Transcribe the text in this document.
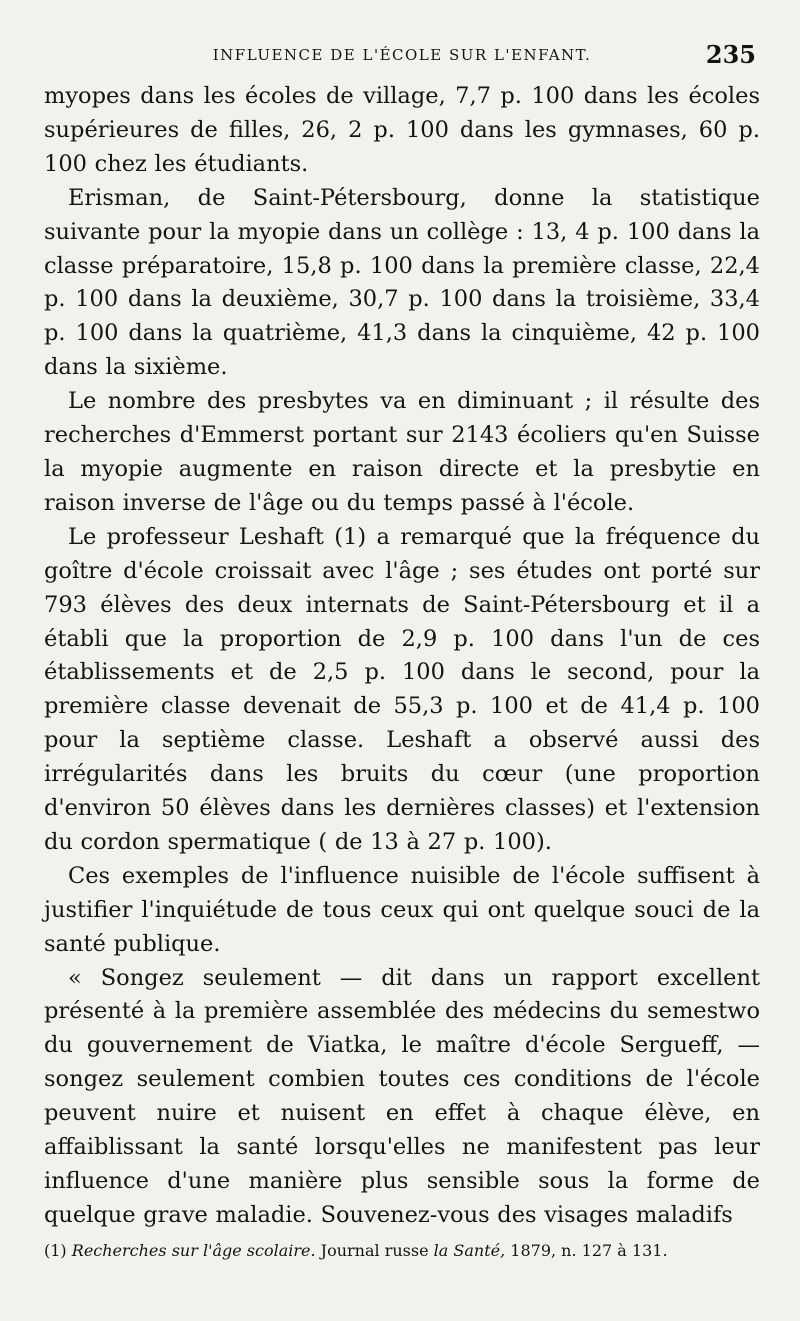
INFLUENCE DE L'ÉCOLE SUR L'ENFANT.	235

myopes dans les écoles de village, 7,7 p. 100 dans les écoles supérieures de filles, 26, 2 p. 100 dans les gymnases, 60 p. 100 chez les étudiants.

Erisman, de Saint-Pétersbourg, donne la statistique suivante pour la myopie dans un collège : 13, 4 p. 100 dans la classe préparatoire, 15,8 p. 100 dans la première classe, 22,4 p. 100 dans la deuxième, 30,7 p. 100 dans la troisième, 33,4 p. 100 dans la quatrième, 41,3 dans la cinquième, 42 p. 100 dans la sixième.

Le nombre des presbytes va en diminuant ; il résulte des recherches d'Emmerst portant sur 2143 écoliers qu'en Suisse la myopie augmente en raison directe et la presbytie en raison inverse de l'âge ou du temps passé à l'école.

Le professeur Leshaft (1) a remarqué que la fréquence du goître d'école croissait avec l'âge ; ses études ont porté sur 793 élèves des deux internats de Saint-Pétersbourg et il a établi que la proportion de 2,9 p. 100 dans l'un de ces établissements et de 2,5 p. 100 dans le second, pour la première classe devenait de 55,3 p. 100 et de 41,4 p. 100 pour la septième classe. Leshaft a observé aussi des irrégularités dans les bruits du cœur (une proportion d'environ 50 élèves dans les dernières classes) et l'extension du cordon spermatique ( de 13 à 27 p. 100).

Ces exemples de l'influence nuisible de l'école suffisent à justifier l'inquiétude de tous ceux qui ont quelque souci de la santé publique.

« Songez seulement — dit dans un rapport excellent présenté à la première assemblée des médecins du semestwo du gouvernement de Viatka, le maître d'école Sergueff, — songez seulement combien toutes ces conditions de l'école peuvent nuire et nuisent en effet à chaque élève, en affaiblissant la santé lorsqu'elles ne manifestent pas leur influence d'une manière plus sensible sous la forme de quelque grave maladie. Souvenez-vous des visages maladifs

(1) Recherches sur l'âge scolaire. Journal russe la Santé, 1879, n. 127 à 131.
